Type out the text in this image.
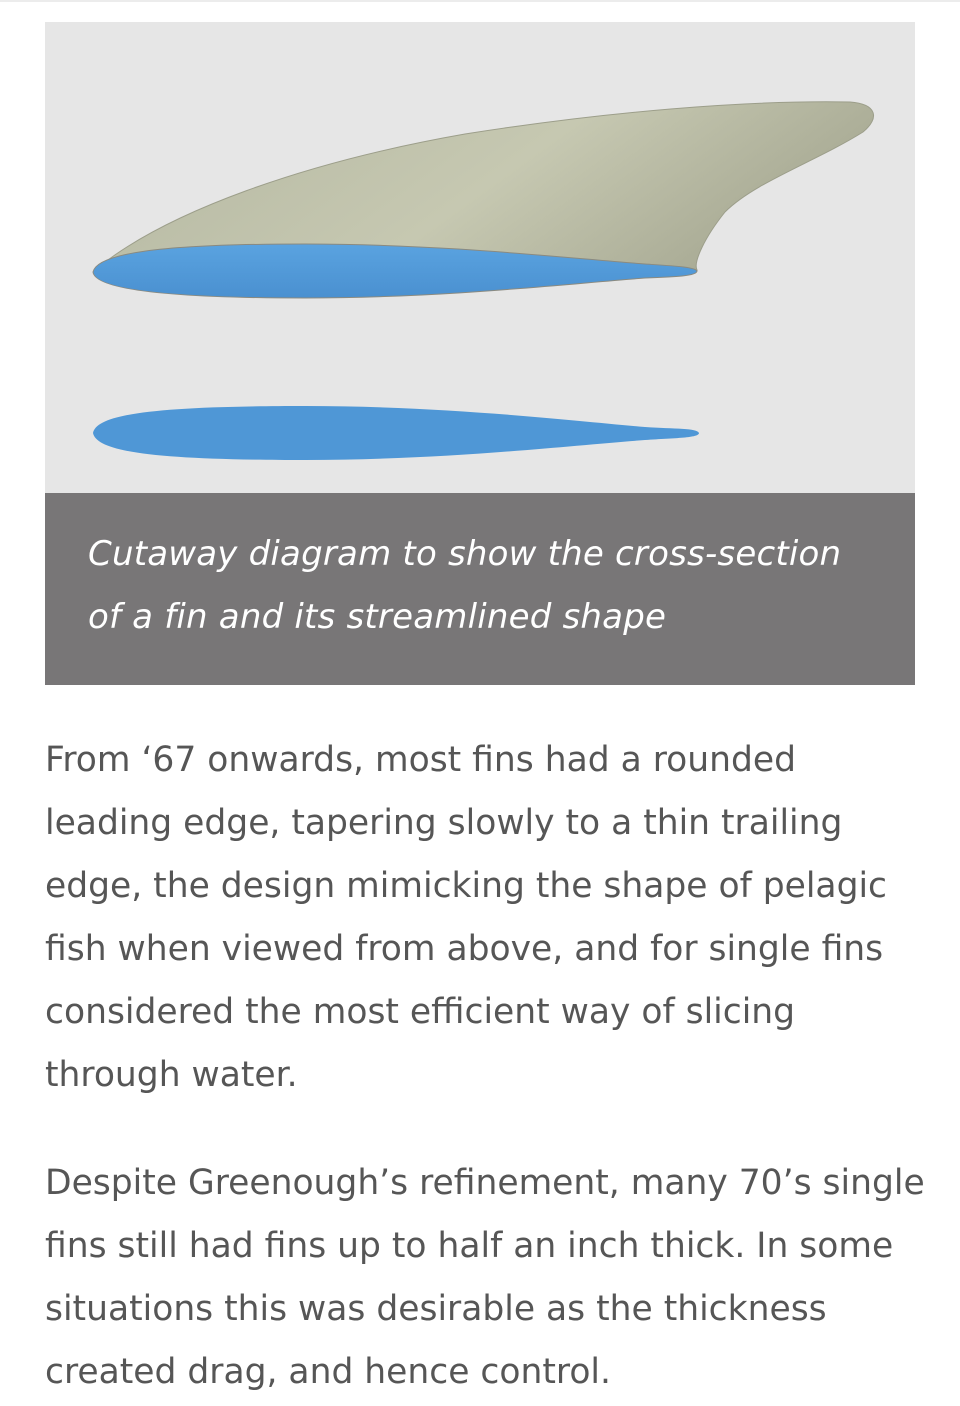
Cutaway diagram to show the cross-section of a fin and its streamlined shape

From ‘67 onwards, most fins had a rounded leading edge, tapering slowly to a thin trailing edge, the design mimicking the shape of pelagic fish when viewed from above, and for single fins considered the most efficient way of slicing through water.

Despite Greenough’s refinement, many 70’s single fins still had fins up to half an inch thick. In some situations this was desirable as the thickness created drag, and hence control.
